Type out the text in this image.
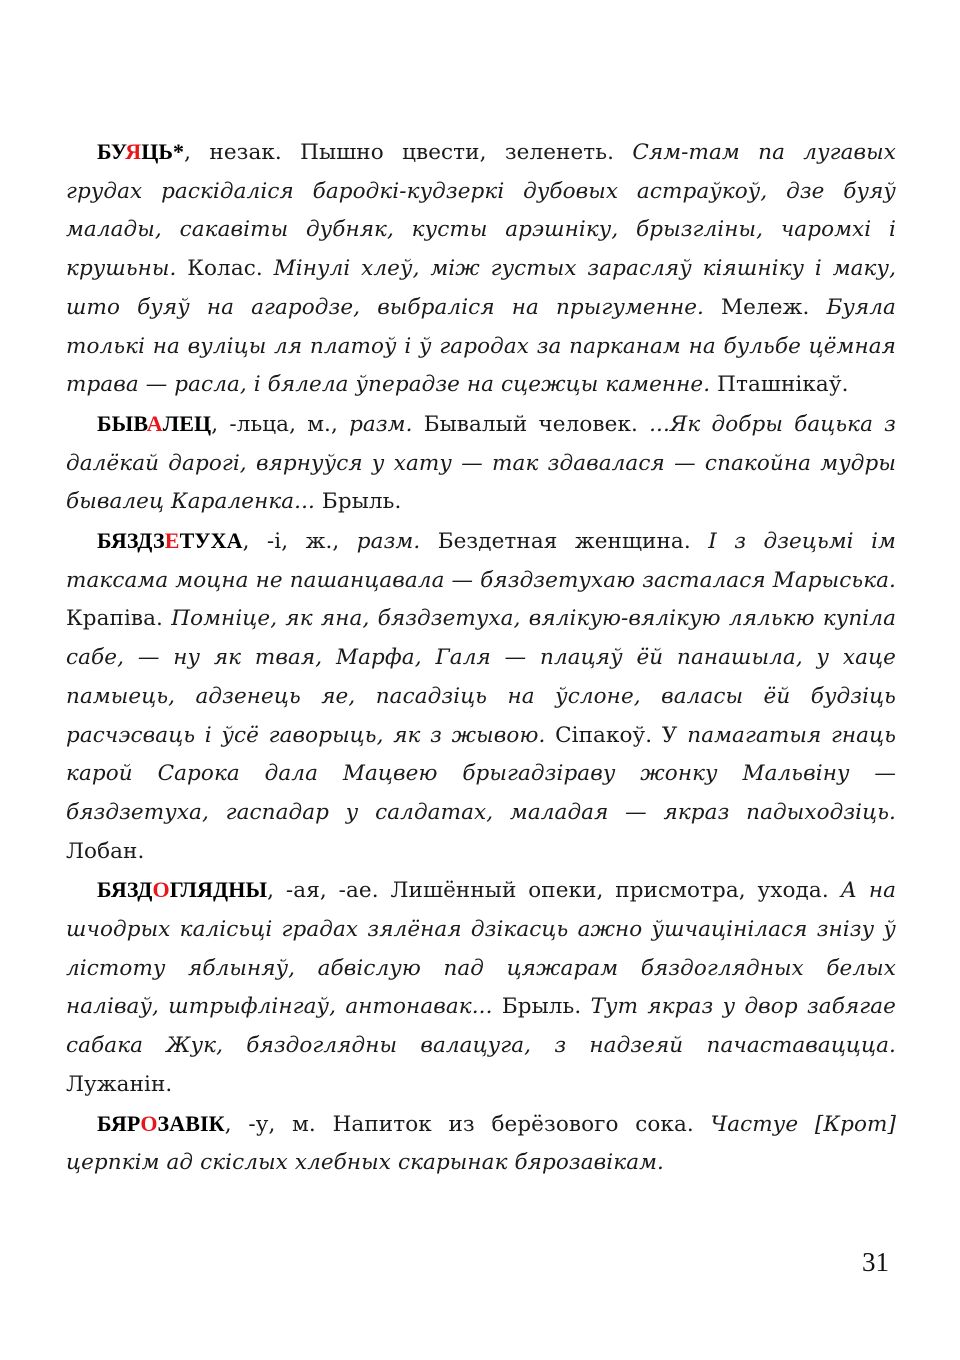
БУЯЦЬ*, незак. Пышно цвести, зеленеть. Сям-там па лугавых грудах раскідаліся бародкі-кудзеркі дубовых астраўкоў, дзе буяў малады, сакавіты дубняк, кусты арэшніку, брызгліны, чаромхі і крушьны. Колас. Мінулі хлеў, між густых зарасляў кіяшніку і маку, што буяў на агародзе, выбраліся на прыгуменне. Мележ. Буяла толькі на вуліцы ля платоў і ў гародах за парканам на бульбе цёмная трава — расла, і бялела ўперадзе на сцежцы каменне. Пташнікаў.

БЫВАЛЕЦ, -льца, м., разм. Бывалый человек. ...Як добры бацька з далёкай дарогі, вярнуўся у хату — так здавалася — спакойна мудры бывалец Караленка... Брыль.

БЯЗДЗЕТУХА, -і, ж., разм. Бездетная женщина. І з дзецьмі ім таксама моцна не пашанцавала — бяздзетухаю засталася Марыська. Крапіва. Помніце, як яна, бяздзетуха, вялікую-вялікую лялькю купіла сабе, — ну як твая, Марфа, Галя — плацяў ёй панашыла, у хаце памыець, адзенець яе, пасадзіць на ўслоне, валасы ёй будзіць расчэсваць і ўсё гаворыць, як з жывою. Сіпакоў. У памагатыя гнаць карой Сарока дала Мацвею брыгадзіраву жонку Мальвіну — бяздзетуха, гаспадар у салдатах, маладая — якраз падыходзіць. Лобан.

БЯЗДОГЛЯДНЫ, -ая, -ае. Лишённый опеки, присмотра, ухода. А на шчодрых калісьці градах зялёная дзікасць ажно ўшчацінілася знізу ў лістоту яблыняў, абвіслую пад цяжарам бяздоглядных белых наліваў, штрыфлінгаў, антонавак... Брыль. Тут якраз у двор забягае сабака Жук, бяздоглядны валацуга, з надзеяй пачаставаццца. Лужанін.

БЯРОЗАВІК, -у, м. Напиток из берёзового сока. Частуе [Крот] церпкім ад скіслых хлебных скарынак бярозавікам.

31
